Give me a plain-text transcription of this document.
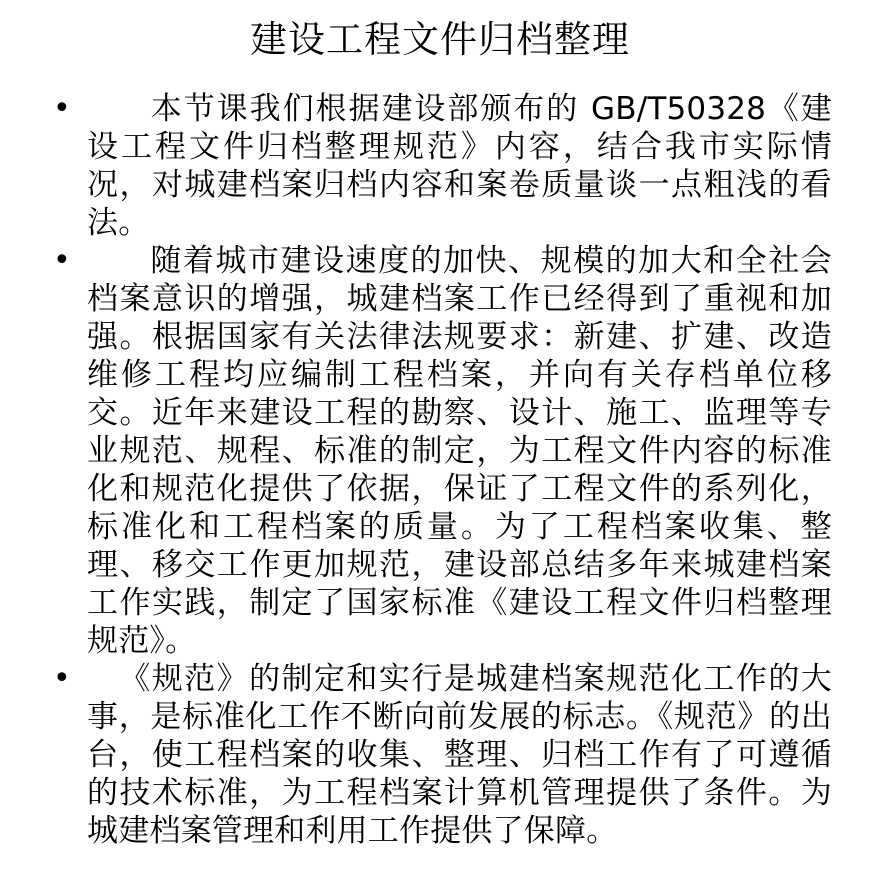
建设工程文件归档整理
•	本节课我们根据建设部颁布的 GB/T50328《建设工程文件归档整理规范》内容，结合我市实际情况，对城建档案归档内容和案卷质量谈一点粗浅的看法。
•	随着城市建设速度的加快、规模的加大和全社会档案意识的增强，城建档案工作已经得到了重视和加强。根据国家有关法律法规要求：新建、扩建、改造维修工程均应编制工程档案，并向有关存档单位移交。近年来建设工程的勘察、设计、施工、监理等专业规范、规程、标准的制定，为工程文件内容的标准化和规范化提供了依据，保证了工程文件的系列化，标准化和工程档案的质量。为了工程档案收集、整理、移交工作更加规范，建设部总结多年来城建档案工作实践，制定了国家标准《建设工程文件归档整理规范》。
• 《规范》的制定和实行是城建档案规范化工作的大事，是标准化工作不断向前发展的标志。《规范》的出台，使工程档案的收集、整理、归档工作有了可遵循的技术标准，为工程档案计算机管理提供了条件。为城建档案管理和利用工作提供了保障。
